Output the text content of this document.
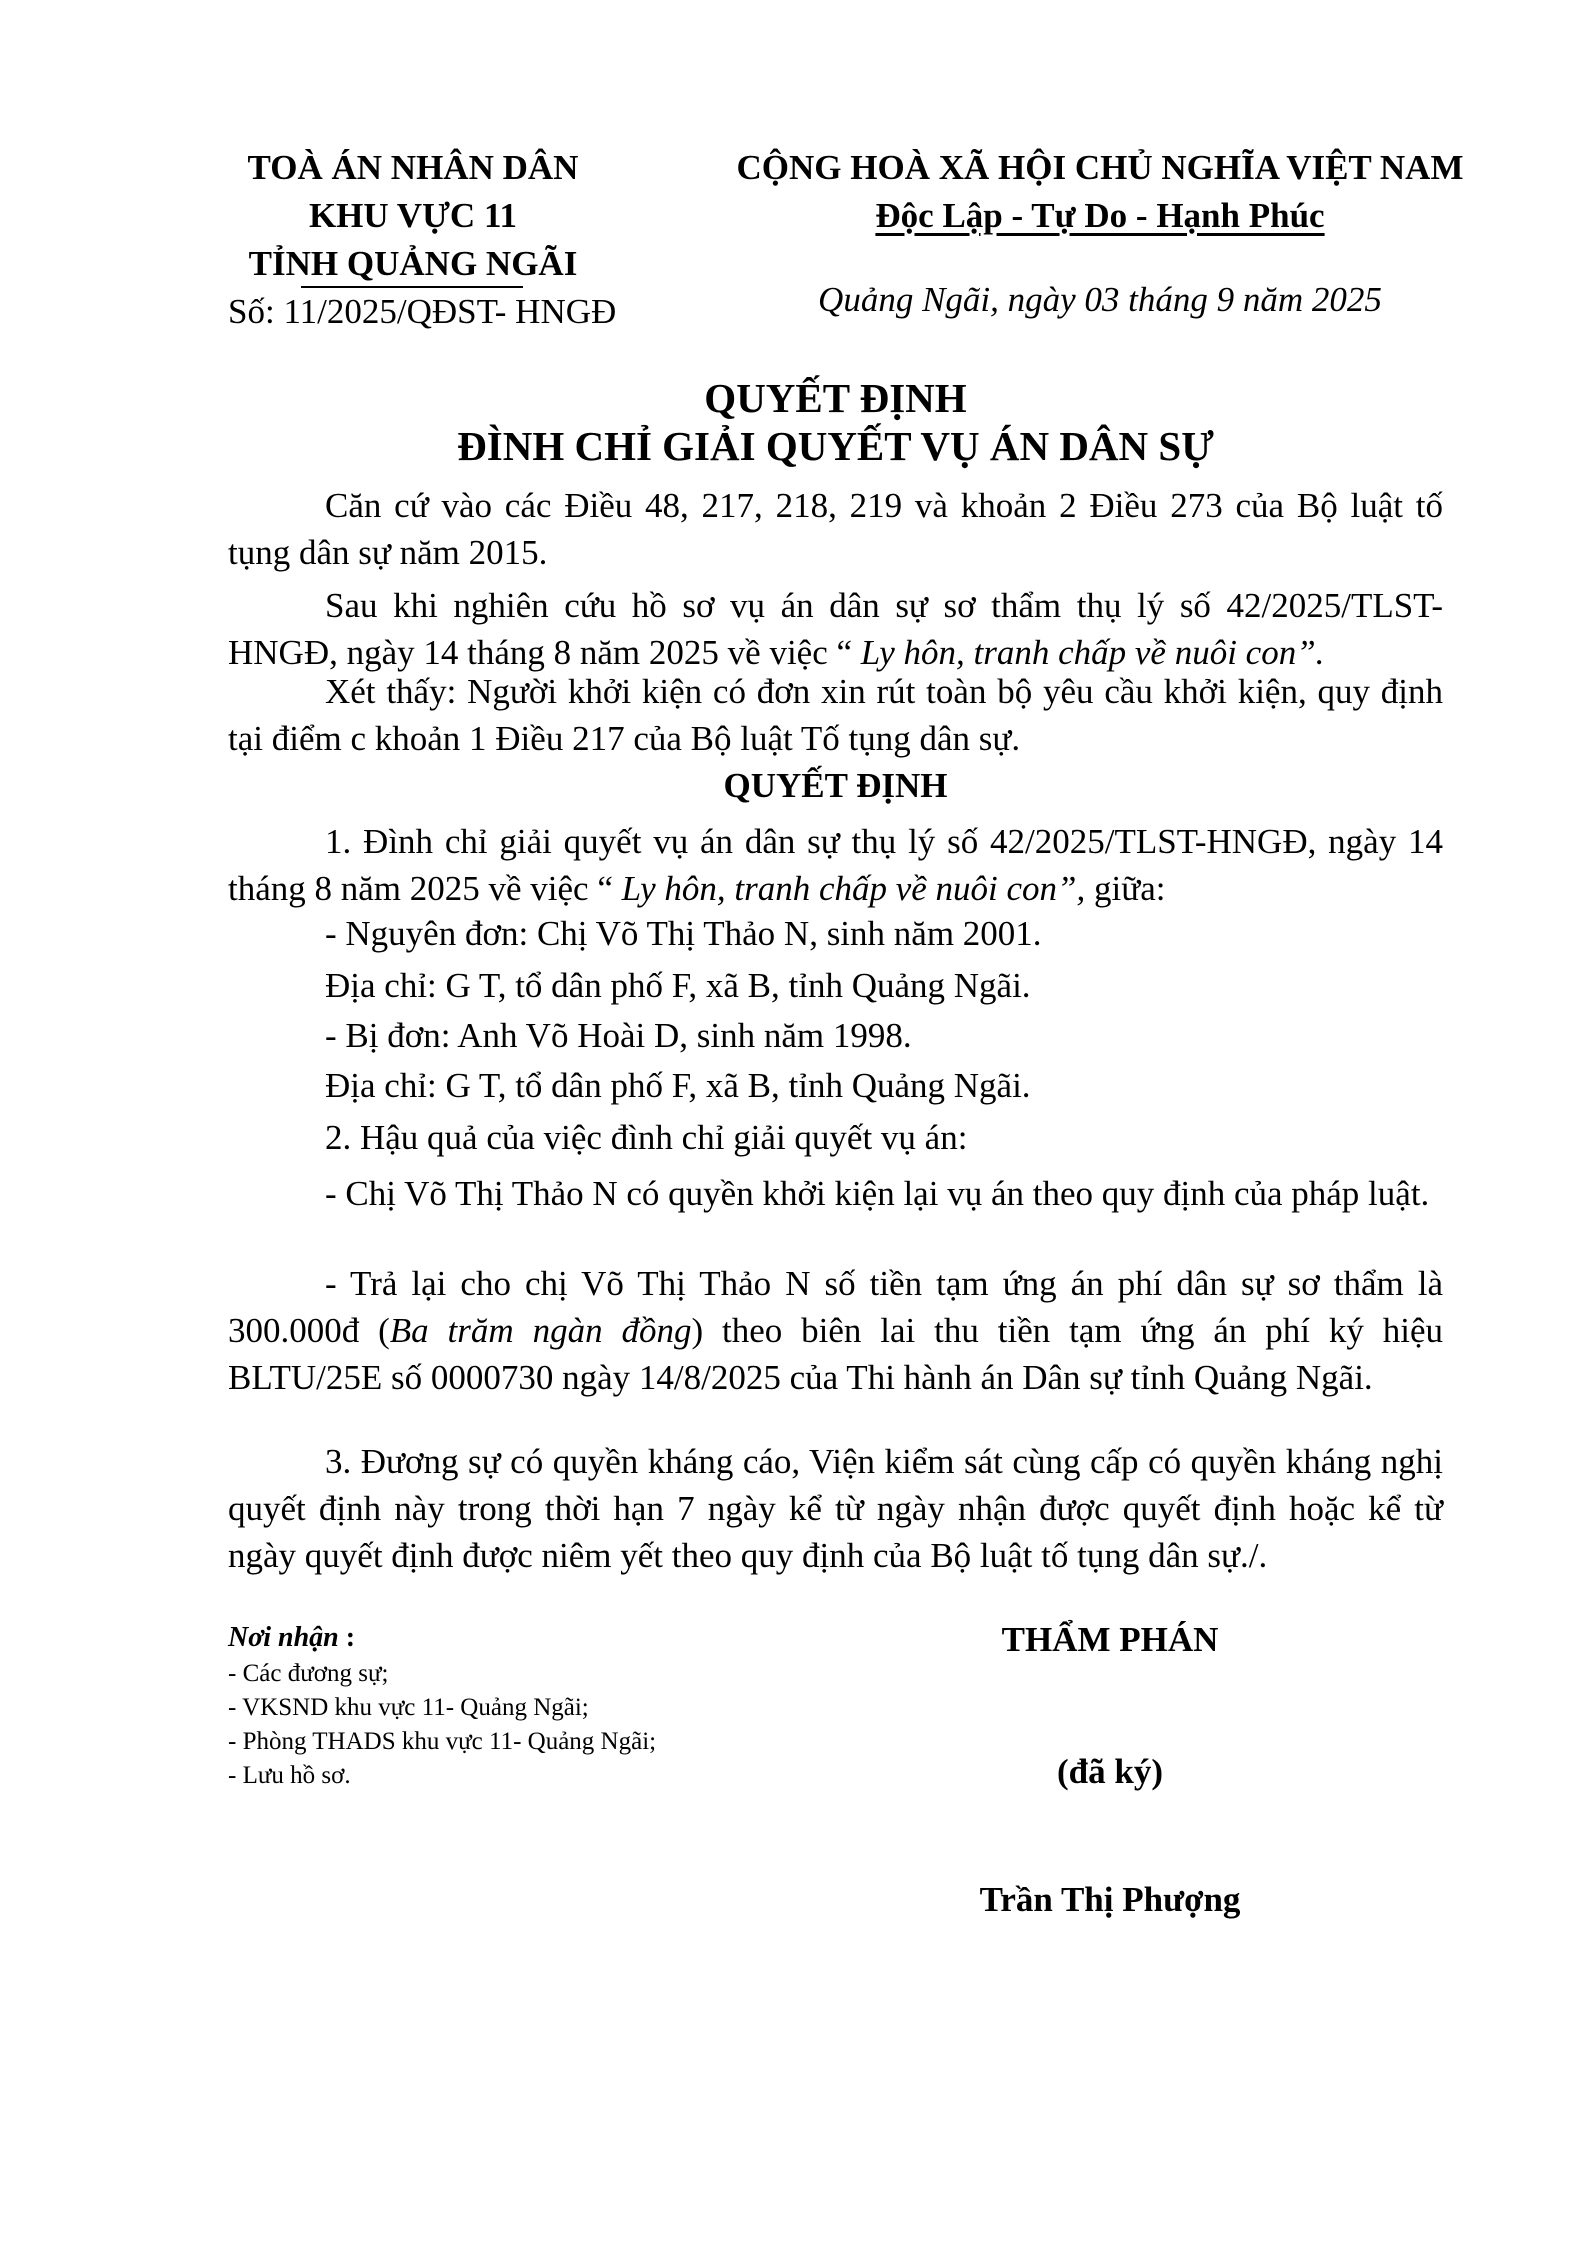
TOÀ ÁN NHÂN DÂN
KHU VỰC 11
TỈNH QUẢNG NGÃI
Số: 11/2025/QĐST- HNGĐ
CỘNG HOÀ XÃ HỘI CHỦ NGHĨA VIỆT NAM
Độc Lập - Tự Do - Hạnh Phúc
Quảng Ngãi, ngày 03 tháng 9 năm 2025
QUYẾT ĐỊNH
ĐÌNH CHỈ GIẢI QUYẾT VỤ ÁN DÂN SỰ
Căn cứ vào các Điều 48, 217, 218, 219 và khoản 2 Điều 273 của Bộ luật tố tụng dân sự năm 2015.
Sau khi nghiên cứu hồ sơ vụ án dân sự sơ thẩm thụ lý số 42/2025/TLST-HNGĐ, ngày 14 tháng 8 năm 2025 về việc “ Ly hôn, tranh chấp về nuôi con”.
Xét thấy: Người khởi kiện có đơn xin rút toàn bộ yêu cầu khởi kiện, quy định tại điểm c khoản 1 Điều 217 của Bộ luật Tố tụng dân sự.
QUYẾT ĐỊNH
1. Đình chỉ giải quyết vụ án dân sự thụ lý số 42/2025/TLST-HNGĐ, ngày 14 tháng 8 năm 2025 về việc “ Ly hôn, tranh chấp về nuôi con”, giữa:
- Nguyên đơn: Chị Võ Thị Thảo N, sinh năm 2001.
Địa chỉ: G T, tổ dân phố F, xã B, tỉnh Quảng Ngãi.
- Bị đơn: Anh Võ Hoài D, sinh năm 1998.
Địa chỉ: G T, tổ dân phố F, xã B, tỉnh Quảng Ngãi.
2. Hậu quả của việc đình chỉ giải quyết vụ án:
- Chị Võ Thị Thảo N có quyền khởi kiện lại vụ án theo quy định của pháp luật.
- Trả lại cho chị Võ Thị Thảo N số tiền tạm ứng án phí dân sự sơ thẩm là 300.000đ (Ba trăm ngàn đồng) theo biên lai thu tiền tạm ứng án phí ký hiệu BLTU/25E số 0000730 ngày 14/8/2025 của Thi hành án Dân sự tỉnh Quảng Ngãi.
3. Đương sự có quyền kháng cáo, Viện kiểm sát cùng cấp có quyền kháng nghị quyết định này trong thời hạn 7 ngày kể từ ngày nhận được quyết định hoặc kể từ ngày quyết định được niêm yết theo quy định của Bộ luật tố tụng dân sự./.
Nơi nhận :
- Các đương sự;
- VKSND khu vực 11- Quảng Ngãi;
- Phòng THADS khu vực 11- Quảng Ngãi;
- Lưu hồ sơ.
THẨM PHÁN
(đã ký)
Trần Thị Phượng
